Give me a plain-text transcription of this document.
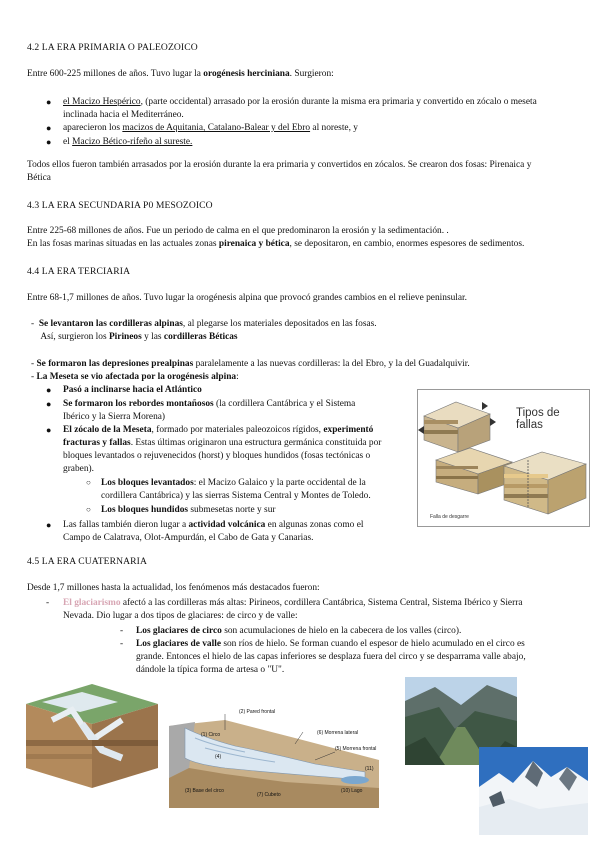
4.2 LA ERA PRIMARIA O PALEOZOICO
Entre 600-225 millones de años. Tuvo lugar la orogénesis herciniana. Surgieron:
● el Macizo Hespérico, (parte occidental) arrasado por la erosión durante la misma era primaria y convertido en zócalo o meseta
inclinada hacia el Mediterráneo.
● aparecieron los macizos de Aquitania, Catalano-Balear y del Ebro al noreste, y
● el Macizo Bético-rifeño al sureste.
Todos ellos fueron también arrasados por la erosión durante la era primaria y convertidos en zócalos. Se crearon dos fosas: Pirenaica y
Bética
4.3 LA ERA SECUNDARIA P0 MESOZOICO
Entre 225-68 millones de años. Fue un periodo de calma en el que predominaron la erosión y la sedimentación. .
En las fosas marinas situadas en las actuales zonas pirenaica y bética, se depositaron, en cambio, enormes espesores de sedimentos.
4.4 LA ERA TERCIARIA
Entre 68-1,7 millones de años. Tuvo lugar la orogénesis alpina que provocó grandes cambios en el relieve peninsular.
- Se levantaron las cordilleras alpinas, al plegarse los materiales depositados en las fosas.
Así, surgieron los Pirineos y las cordilleras Béticas
- Se formaron las depresiones prealpinas paralelamente a las nuevas cordilleras: la del Ebro, y la del Guadalquivir.
- La Meseta se vio afectada por la orogénesis alpina:
● Pasó a inclinarse hacia el Atlántico
● Se formaron los rebordes montañosos (la cordillera Cantábrica y el Sistema
Ibérico y la Sierra Morena)
● El zócalo de la Meseta, formado por materiales paleozoicos rígidos, experimentó
fracturas y fallas. Estas últimas originaron una estructura germánica constituida por
bloques levantados o rejuvenecidos (horst) y bloques hundidos (fosas tectónicas o
graben).
○ Los bloques levantados: el Macizo Galaico y la parte occidental de la
cordillera Cantábrica) y las sierras Sistema Central y Montes de Toledo.
○ Los bloques hundidos submesetas norte y sur
● Las fallas también dieron lugar a actividad volcánica en algunas zonas como el
Campo de Calatrava, Olot-Ampurdán, el Cabo de Gata y Canarias.
Tipos de fallas
Falla de desgarre
4.5 LA ERA CUATERNARIA
Desde 1,7 millones hasta la actualidad, los fenómenos más destacados fueron:
- El glaciarismo afectó a las cordilleras más altas: Pirineos, cordillera Cantábrica, Sistema Central, Sistema Ibérico y Sierra
Nevada. Dio lugar a dos tipos de glaciares: de circo y de valle:
- Los glaciares de circo son acumulaciones de hielo en la cabecera de los valles (circo).
- Los glaciares de valle son ríos de hielo. Se forman cuando el espesor de hielo acumulado en el circo es
grande. Entonces el hielo de las capas inferiores se desplaza fuera del circo y se desparrama valle abajo,
dándole la típica forma de artesa o "U".
(2) Pared frontal
(6) Morrena lateral
(1) Circo
(5) Morrena frontal
(4)
(3) Base del circo
(7) Cubeto
(10) Lago
(11)
